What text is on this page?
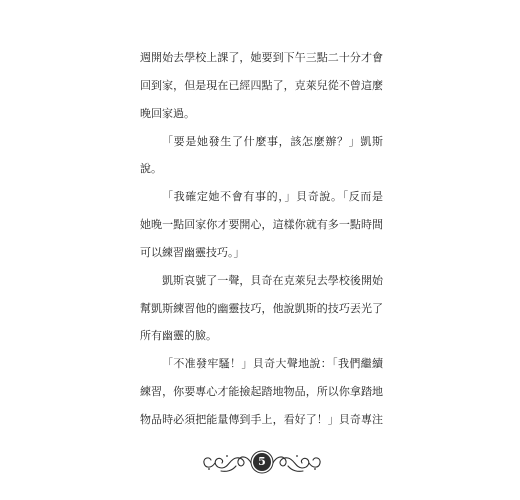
週開始去學校上課了，她要到下午三點二十分才會
回到家，但是現在已經四點了，克萊兒從不曾這麼
晚回家過。
「要是她發生了什麼事，該怎麼辦？」凱斯
說。
「我確定她不會有事的，」貝奇說。「反而是
她晚一點回家你才要開心，這樣你就有多一點時間
可以練習幽靈技巧。」
凱斯哀號了一聲，貝奇在克萊兒去學校後開始
幫凱斯練習他的幽靈技巧，他說凱斯的技巧丟光了
所有幽靈的臉。
「不准發牢騷！」貝奇大聲地說：「我們繼續
練習，你要專心才能撿起踏地物品，所以你拿踏地
物品時必須把能量傳到手上，看好了！」貝奇專注
5
